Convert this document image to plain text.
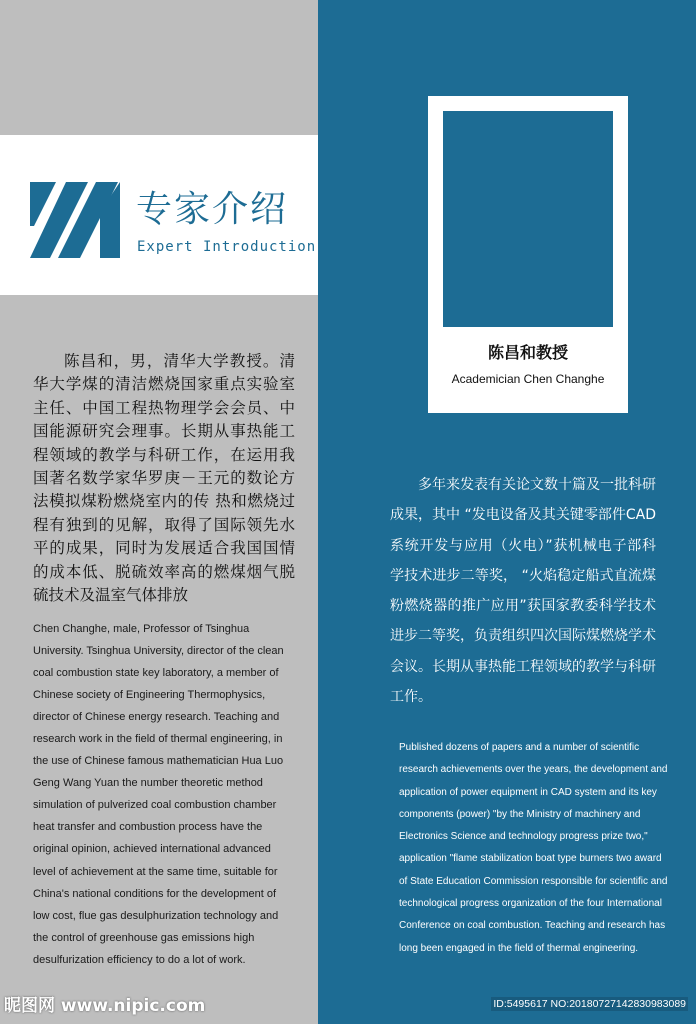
专家介绍
Expert Introduction

陈昌和，男，清华大学教授。清华大学煤的清洁燃烧国家重点实验室主任、中国工程热物理学会会员、中国能源研究会理事。长期从事热能工程领域的教学与科研工作，在运用我国著名数学家华罗庚－王元的数论方法模拟煤粉燃烧室内的传 热和燃烧过程有独到的见解，取得了国际领先水平的成果，同时为发展适合我国国情的成本低、脱硫效率高的燃煤烟气脱硫技术及温室气体排放

Chen Changhe, male, Professor of Tsinghua University. Tsinghua University, director of the clean coal combustion state key laboratory, a member of Chinese society of Engineering Thermophysics, director of Chinese energy research. Teaching and research work in the field of thermal engineering, in the use of Chinese famous mathematician Hua Luo Geng Wang Yuan the number theoretic method simulation of pulverized coal combustion chamber heat transfer and combustion process have the original opinion, achieved international advanced level of achievement at the same time, suitable for China's national conditions for the development of low cost, flue gas desulphurization technology and the control of greenhouse gas emissions high desulfurization efficiency to do a lot of work.

陈昌和教授
Academician Chen Changhe

多年来发表有关论文数十篇及一批科研成果，其中 “发电设备及其关键零部件CAD系统开发与应用（火电）”获机械电子部科学技术进步二等奖， “火焰稳定船式直流煤粉燃烧器的推广应用”获国家教委科学技术进步二等奖，负责组织四次国际煤燃烧学术会议。长期从事热能工程领域的教学与科研工作。

Published dozens of papers and a number of scientific research achievements over the years, the development and application of power equipment in CAD system and its key components (power) "by the Ministry of machinery and Electronics Science and technology progress prize two," application "flame stabilization boat type burners two award of State Education Commission responsible for scientific and technological progress organization of the four International Conference on coal combustion. Teaching and research has long been engaged in the field of thermal engineering.

昵图网 www.nipic.com	ID:5495617 NO:20180727142830983089
